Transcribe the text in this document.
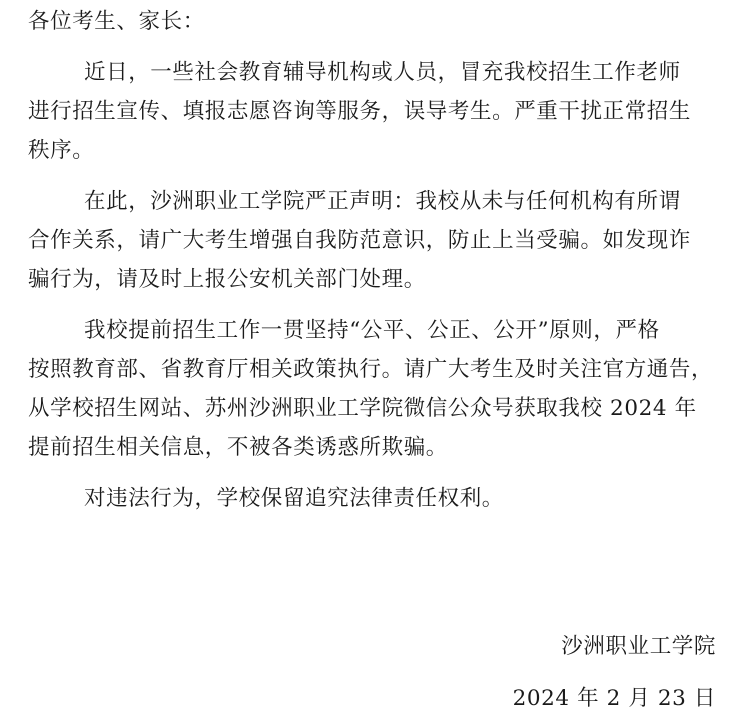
各位考生、家长：
近日，一些社会教育辅导机构或人员，冒充我校招生工作老师
进行招生宣传、填报志愿咨询等服务，误导考生。严重干扰正常招生
秩序。
在此，沙洲职业工学院严正声明：我校从未与任何机构有所谓
合作关系，请广大考生增强自我防范意识，防止上当受骗。如发现诈
骗行为，请及时上报公安机关部门处理。
我校提前招生工作一贯坚持“公平、公正、公开”原则，严格
按照教育部、省教育厅相关政策执行。请广大考生及时关注官方通告，
从学校招生网站、苏州沙洲职业工学院微信公众号获取我校 2024 年
提前招生相关信息，不被各类诱惑所欺骗。
对违法行为，学校保留追究法律责任权利。
沙洲职业工学院
2024 年 2 月 23 日
